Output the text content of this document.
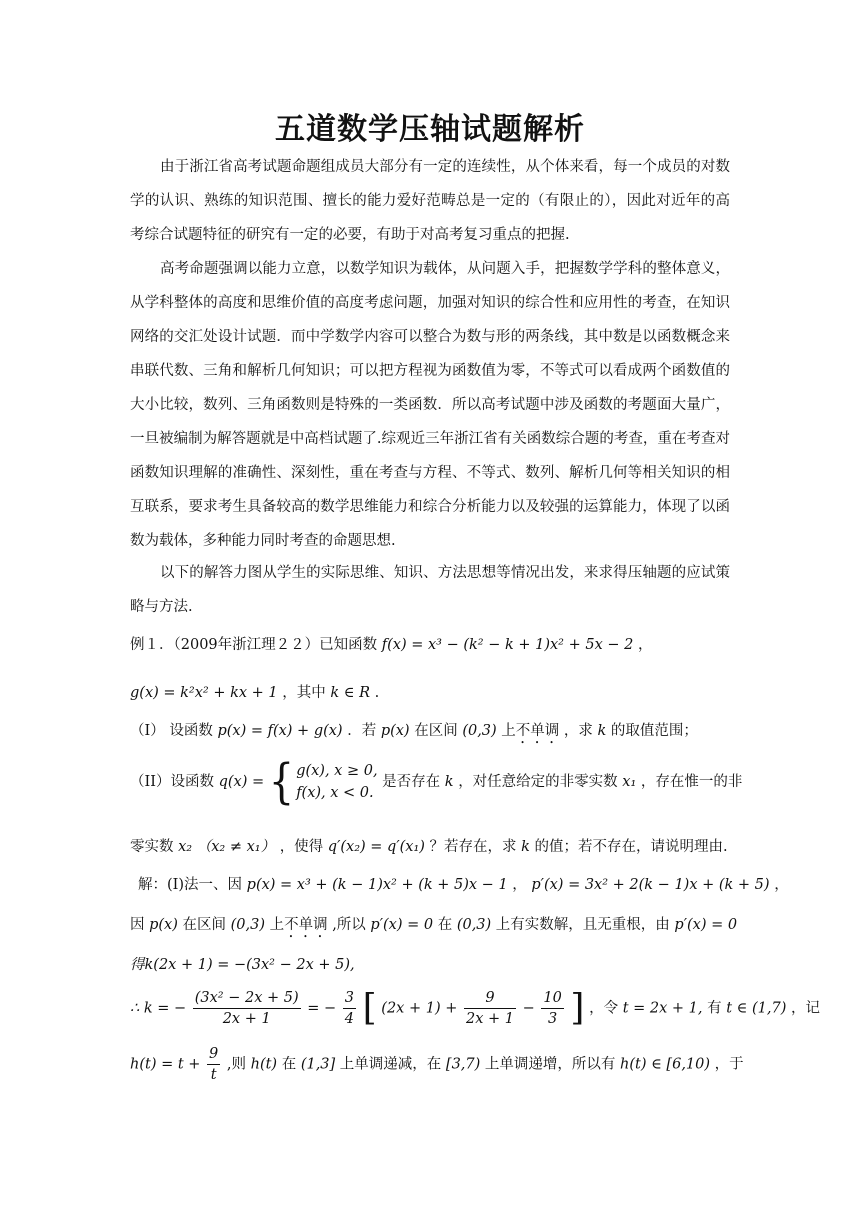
五道数学压轴试题解析
由于浙江省高考试题命题组成员大部分有一定的连续性，从个体来看，每一个成员的对数学的认识、熟练的知识范围、擅长的能力爱好范畴总是一定的（有限止的），因此对近年的高考综合试题特征的研究有一定的必要，有助于对高考复习重点的把握.
高考命题强调以能力立意，以数学知识为载体，从问题入手，把握数学学科的整体意义，从学科整体的高度和思维价值的高度考虑问题，加强对知识的综合性和应用性的考查，在知识网络的交汇处设计试题．而中学数学内容可以整合为数与形的两条线，其中数是以函数概念来串联代数、三角和解析几何知识；可以把方程视为函数值为零，不等式可以看成两个函数值的大小比较，数列、三角函数则是特殊的一类函数．所以高考试题中涉及函数的考题面大量广，一旦被编制为解答题就是中高档试题了.综观近三年浙江省有关函数综合题的考查，重在考查对函数知识理解的准确性、深刻性，重在考查与方程、不等式、数列、解析几何等相关知识的相互联系，要求考生具备较高的数学思维能力和综合分析能力以及较强的运算能力，体现了以函数为载体，多种能力同时考查的命题思想.
以下的解答力图从学生的实际思维、知识、方法思想等情况出发，来求得压轴题的应试策略与方法.
例１．（2009年浙江理２２）已知函数 f(x) = x³ − (k² − k + 1)x² + 5x − 2 ，
g(x) = k²x² + kx + 1 ，其中 k ∈ R .
（I） 设函数 p(x) = f(x) + g(x) ．若 p(x) 在区间 (0,3) 上不单调 ，求 k 的取值范围；
（II）设函数 q(x) = { g(x), x ≥ 0,
f(x), x < 0.
是否存在 k ，对任意给定的非零实数 x₁ ，存在惟一的非
零实数 x₂ （x₂ ≠ x₁） ，使得 q′(x₂) = q′(x₁) ？若存在，求 k 的值；若不存在，请说明理由.
解：(Ⅰ)法一、因 p(x) = x³ + (k − 1)x² + (k + 5)x − 1 ， p′(x) = 3x² + 2(k − 1)x + (k + 5) ，
因 p(x) 在区间 (0,3) 上不单调 ,所以 p′(x) = 0 在 (0,3) 上有实数解，且无重根，由 p′(x) = 0
得k(2x + 1) = −(3x² − 2x + 5),
∴ k = − $\frac{\text{(3x² − 2x + 5)}}{2x + 1}$ = − $\frac{3}{4}$ [ $(2x + 1) + \frac{9}{2x + 1} - \frac{10}{3}$ ] ，令 t = 2x + 1, 有 t ∈ (1,7) ，记
$h(t) = t + \frac{9}{t}$ ,则 h(t) 在 (1,3] 上单调递减，在 [3,7) 上单调递增，所以有 h(t) ∈ [6,10) ，于
